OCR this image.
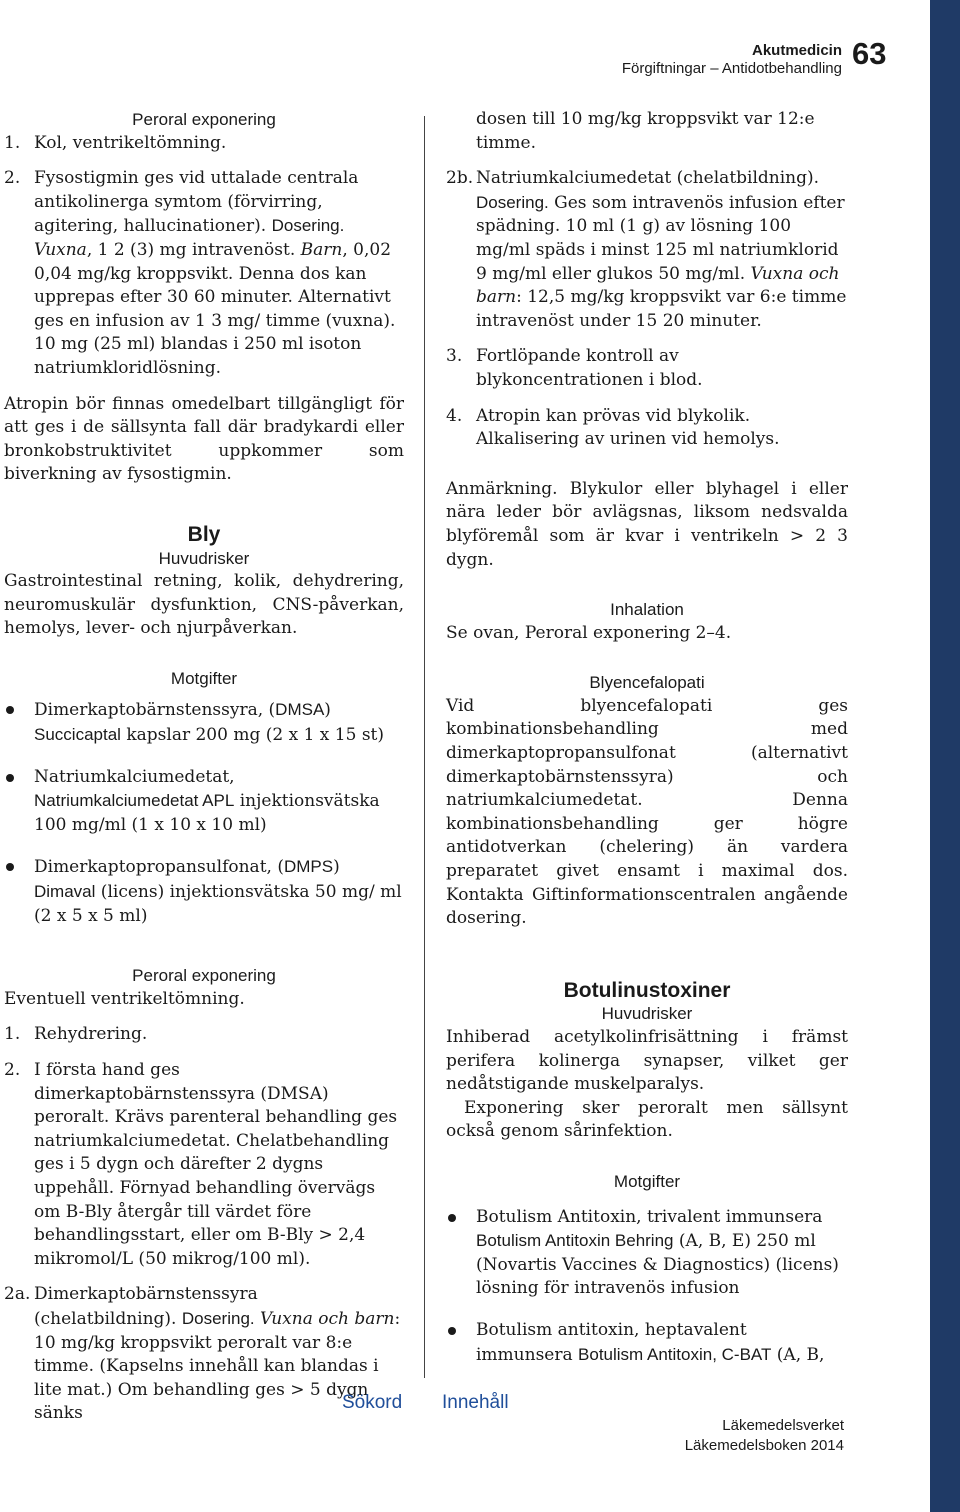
Akutmedicin
Förgiftningar – Antidotbehandling 63
Peroral exponering
1. Kol, ventrikeltömning.
2. Fysostigmin ges vid uttalade centrala antikolinerga symtom (förvirring, agitering, hallucinationer). Dosering. Vuxna, 1 2 (3) mg intravenöst. Barn, 0,02 0,04 mg/kg kroppsvikt. Denna dos kan upprepas efter 30 60 minuter. Alternativt ges en infusion av 1 3 mg/ timme (vuxna). 10 mg (25 ml) blandas i 250 ml isoton natriumkloridlösning.

Atropin bör finnas omedelbart tillgängligt för att ges i de sällsynta fall där bradykardi eller bronkobstruktivitet uppkommer som biverkning av fysostigmin.

Bly
Huvudrisker

Gastrointestinal retning, kolik, dehydrering, neuromuskulär dysfunktion, CNS-påverkan, hemolys, lever- och njurpåverkan.

Motgifter
Dimerkaptobärnstenssyra, (DMSA) Succicaptal kapslar 200 mg (2 x 1 x 15 st)
Natriumkalciumedetat, Natriumkalciumedetat APL injektionsvätska 100 mg/ml (1 x 10 x 10 ml)
Dimerkaptopropansulfonat, (DMPS) Dimaval (licens) injektionsvätska 50 mg/ ml (2 x 5 x 5 ml)
Peroral exponering

Eventuell ventrikeltömning.

1. Rehydrering.
2. I första hand ges dimerkaptobärnstenssyra (DMSA) peroralt. Krävs parenteral behandling ges natriumkalciumedetat. Chelatbehandling ges i 5 dygn och därefter 2 dygns uppehåll. Förnyad behandling övervägs om B-Bly återgår till värdet före behandlingsstart, eller om B-Bly > 2,4 mikromol/L (50 mikrog/100 ml).
2a. Dimerkaptobärnstenssyra (chelatbildning). Dosering. Vuxna och barn: 10 mg/kg kroppsvikt peroralt var 8:e timme. (Kapselns innehåll kan blandas i lite mat.) Om behandling ges > 5 dygn sänks
dosen till 10 mg/kg kroppsvikt var 12:e timme.
2b. Natriumkalciumedetat (chelatbildning). Dosering. Ges som intravenös infusion efter spädning. 10 ml (1 g) av lösning 100 mg/ml späds i minst 125 ml natriumklorid 9 mg/ml eller glukos 50 mg/ml. Vuxna och barn: 12,5 mg/kg kroppsvikt var 6:e timme intravenöst under 15 20 minuter.
3. Fortlöpande kontroll av blykoncentrationen i blod.
4. Atropin kan prövas vid blykolik. Alkalisering av urinen vid hemolys.

Anmärkning. Blykulor eller blyhagel i eller nära leder bör avlägsnas, liksom nedsvalda blyföremål som är kvar i ventrikeln > 2 3 dygn.

Inhalation

Se ovan, Peroral exponering 2–4.

Blyencefalopati

Vid blyencefalopati ges kombinationsbehandling med dimerkaptopropansulfonat (alternativt dimerkaptobärnstenssyra) och natriumkalciumedetat. Denna kombinationsbehandling ger högre antidotverkan (chelering) än vardera preparatet givet ensamt i maximal dos. Kontakta Giftinformationscentralen angående dosering.

Botulinustoxiner
Huvudrisker

Inhiberad acetylkolinfrisättning i främst perifera kolinerga synapser, vilket ger nedåtstigande muskelparalys.

Exponering sker peroralt men sällsynt också genom sårinfektion.

Motgifter
Botulism Antitoxin, trivalent immunsera Botulism Antitoxin Behring (A, B, E) 250 ml (Novartis Vaccines & Diagnostics) (licens) lösning för intravenös infusion
Botulism antitoxin, heptavalent immunsera Botulism Antitoxin, C-BAT (A, B,
Sökord Innehåll
Läkemedelsverket
Läkemedelsboken 2014
